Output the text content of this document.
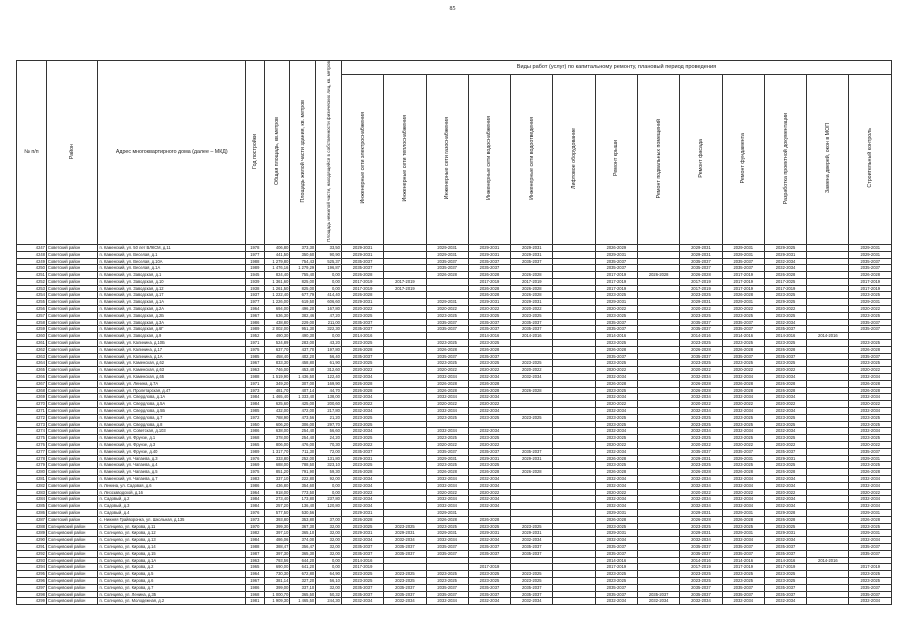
85
№ п/п	Район	Адрес многоквартирного дома (далее – МКД)	Год постройки	Общая площадь, кв.метров	Площадь жилой части здания, кв. метров	Площадь нежилой части, находящейся в собственности физических лиц, кв. метров	Виды работ (услуг) по капитальному ремонту, плановый период проведения												
							Инженерные сети электроснабжения	Инженерные сети теплоснабжения	Инженерные сети газоснабжения	Инженерные сети водоснабжения	Инженерные сети водоотведения	Лифтовое оборудование	Ремонт крыши	Ремонт подвальных помещений	Ремонт фасада	Ремонт фундамента	Разработка проектной документации	Замена дверей, окон в МОП	Строительный контроль
4247	Советский район	п. Каменский, ул. 50 лет ВЛКСМ, д.11	1978	406,80	373,30	33,50	2029-2031		2029-2031	2029-2031	2029-2031		2026-2029		2029-2031	2029-2031	2029-2025		2029-2031
4248	Советский район	п. Каменский, ул. Веселая, д.1	1977	441,50	350,60	90,90	2029-2031		2029-2031	2029-2031	2029-2031		2029-2031		2029-2031	2029-2031	2029-2031		2029-2031
4249	Советский район	п. Каменский, ул. Веселая, д.10А	1988	1 279,80	754,43	525,37	2035-2037		2035-2037	2035-2037	2035-2037		2035-2037		2035-2037	2035-2037	2032-2034		2035-2037
4250	Советский район	п. Каменский, ул. Веселая, д.1А	1989	1 476,16	1 279,29	196,87	2035-2037		2035-2037	2035-2037			2035-2037		2035-2037	2035-2037	2032-2034		2035-2037
4251	Советский район	п. Каменский, ул. Заводская, д.1	1945	824,40	755,40	0,00	2026-2028		2026-2028	2026-2028	2026-2028		2017-2019	2026-2028	2026-2028	2017-2019	2026-2028		2026-2028
4252	Советский район	п. Каменский, ул. Заводская, д.10	1939	1 361,60	825,00	0,00	2017-2019	2017-2019		2017-2019	2017-2019		2017-2019		2017-2019	2017-2019	2017-2025		2017-2019
4253	Советский район	п. Каменский, ул. Заводская, д.12	1938	1 261,50	825,00	0,00	2017-2019	2017-2019		2026-2028	2026-2028		2017-2019		2017-2019	2017-2019	2017-2019		2017-2019
4254	Советский район	п. Каменский, ул. Заводская, д.17	1937	1 222,40	677,79	414,40	2026-2028			2026-2028	2026-2028		2023-2025		2023-2025	2026-2028	2023-2025		2023-2025
4255	Советский район	п. Каменский, ул. Заводская, д.1А	1977	1 226,00	619,50	606,60	2029-2031		2029-2031	2029-2031	2029-2031		2029-2031		2029-2031	2029-2031	2029-2025		2029-2031
4256	Советский район	п. Каменский, ул. Заводская, д.2А	1964	694,00	496,20	167,80	2020-2022		2020-2022	2020-2022	2020-2022		2020-2022		2020-2022	2020-2022	2020-2022		2020-2022
4257	Советский район	п. Каменский, ул. Заводская, д.2Б	1967	636,30	382,46	47,20	2023-2025		2023-2025	2023-2025	2023-2025		2023-2025		2023-2025	2023-2025	2023-2025		2023-2025
4258	Советский район	п. Каменский, ул. Заводская, д.3А	1986	438,80	229,00	211,00	2035-2037		2035-2037	2035-2037	2035-2037		2035-2037		2035-2037	2035-2037	2032-2034		2035-2037
4259	Советский район	п. Каменский, ул. Заводская, д.6Г	1989	2 002,00	951,30	322,30	2035-2037		2035-2037	2035-2037	2035-2037		2035-2037		2035-2037	2035-2037	2035-2037		2035-2037
4260	Советский район	п. Каменский, ул. Заводская, д.9	1952	490,30	490,30	0,00	2014-2016			2014-2016	2014-2016		2014-2016		2014-2016	2014-2016	2014-2016	2014-2016	
4261	Советский район	п. Каменский, ул. Калинина, д.10Б	1971	524,89	283,00	43,20	2023-2025		2023-2025	2023-2025			2023-2025		2023-2025	2023-2025	2023-2025		2023-2025
4262	Советский район	п. Каменский, ул. Калинина, д.17	1975	637,70	437,70	197,80	2026-2028		2026-2028	2026-2028			2026-2028		2026-2028	2026-2028	2026-2028		2026-2028
4263	Советский район	п. Каменский, ул. Калинина, д.1А	1985	458,40	402,20	56,40	2035-2037		2035-2037	2035-2037			2035-2037		2035-2037	2035-2037	2035-2037		2035-2037
4264	Советский район	п. Каменский, ул. Каменская, д.62	1967	833,30	458,80	61,90	2023-2025		2023-2025	2023-2025	2023-2025		2023-2025		2023-2025	2023-2025	2023-2025		2023-2025
4265	Советский район	п. Каменский, ул. Каменская, д.63	1963	746,00	453,40	312,60	2020-2022		2020-2022	2020-2022	2020-2022		2020-2022		2020-2022	2020-2022	2020-2022		2020-2022
4266	Советский район	п. Каменский, ул. Каменская, д.65	1988	1 519,90	1 436,50	122,40	2032-2034		2032-2034	2032-2034	2032-2034		2032-2034		2032-2034	2032-2034	2032-2034		2032-2034
4267	Советский район	п. Каменский, ул. Ленина, д.7А	1971	349,20	307,00	169,90	2026-2028		2026-2028	2026-2028			2026-2028		2026-2028	2026-2028	2026-2028		2026-2028
4268	Советский район	п. Каменский, ул. Пролетарская, д.47	1973	481,70	407,14	44,70	2026-2028		2026-2028	2026-2028	2026-2028		2023-2025		2026-2028	2026-2028	2026-2028		2026-2028
4269	Советский район	п. Каменский, ул. Свердлова, д.1А	1984	1 465,40	1 333,40	138,00	2032-2034		2032-2034	2032-2034			2032-2034		2032-2034	2032-2034	2032-2034		2032-2034
4270	Советский район	п. Каменский, ул. Свердлова, д.5А	1984	625,60	425,00	200,60	2020-2022		2020-2022	2020-2022			2020-2022		2020-2022	2020-2022	2020-2022		2020-2022
4271	Советский район	п. Каменский, ул. Свердлова, д.5Б	1985	432,00	472,00	217,80	2032-2034		2032-2034	2032-2034			2032-2034		2032-2034	2032-2034	2032-2034		2032-2034
4272	Советский район	п. Каменский, ул. Свердлова, д.7	1972	788,90	473,56	21,20	2023-2025		2023-2025	2023-2025	2023-2025		2023-2025		2023-2025	2023-2025	2023-2025		2023-2025
4273	Советский район	п. Каменский, ул. Свердлова, д.8	1950	606,20	306,00	297,70	2023-2025						2023-2025		2023-2025	2023-2025	2023-2025		2023-2025
4274	Советский район	п. Каменский, ул. Советская, д.103	1986	638,00	254,40	56,60	2032-2034		2032-2034	2032-2034			2032-2034		2032-2034	2032-2034	2032-2034		2032-2034
4275	Советский район	п. Каменский, ул. Фрунзе, д.1	1968	378,00	254,40	24,20	2023-2025		2023-2025	2023-2025			2023-2025		2023-2025	2023-2025	2023-2025		2023-2025
4276	Советский район	п. Каменский, ул. Фрунзе, д.3	1965	806,00	476,00	70,30	2020-2022		2020-2022	2020-2022			2020-2022		2020-2022	2020-2022	2020-2022		2020-2022
4277	Советский район	п. Каменский, ул. Фрунзе, д.40	1989	1 317,70	711,30	72,00	2035-2037		2035-2037	2035-2037	2035-2037		2032-2034		2035-2037	2035-2037	2035-2037		2035-2037
4278	Советский район	п. Каменский, ул. Чапаева, д.3	1976	333,80	252,00	131,80	2029-2031		2029-2031	2029-2031	2029-2031		2026-2028		2029-2031	2029-2031	2029-2031		2029-2031
4279	Советский район	п. Каменский, ул. Чапаева, д.4	1969	688,00	788,50	323,10	2023-2025		2023-2025	2023-2025			2023-2025		2023-2025	2023-2025	2023-2025		2023-2025
4280	Советский район	п. Каменский, ул. Чапаева, д.5	1975	851,20	791,90	59,30	2026-2028		2026-2028	2026-2028	2026-2028		2026-2028		2026-2028	2026-2028	2026-2028		2026-2028
4281	Советский район	п. Каменский, ул. Чапаева, д.7	1983	337,10	222,80	92,00	2032-2034		2032-2034	2032-2034			2032-2034		2032-2034	2032-2034	2032-2034		2032-2034
4282	Советский район	п. Ленина, ул. Садовая, д.6	1986	436,80	354,60	0,00	2032-2034		2032-2034	2032-2034			2032-2034		2032-2034	2032-2034	2032-2034		2032-2034
4283	Советский район	п. Лесозаводской, д.16	1964	918,00	773,50	0,00	2020-2022		2020-2022	2020-2022			2020-2022		2020-2022	2020-2022	2020-2022		2020-2022
4284	Советский район	п. Садовый, д.2	1984	273,40	173,80	237,80	2032-2034		2032-2034	2032-2034			2032-2034		2032-2034	2032-2034	2032-2034		2032-2034
4285	Советский район	п. Садовый, д.3	1984	257,20	136,40	120,80	2032-2034		2032-2034	2032-2034			2032-2034		2032-2034	2032-2034	2032-2034		2032-2034
4286	Советский район	п. Садовый, д.4	1976	577,50	530,56		2029-2031		2029-2031				2029-2031		2029-2031	2029-2031	2029-2028		2029-2031
4287	Советский район	с. Нижняя Грайворонка, ул. Школьная, д.135	1973	393,80	353,80	37,00	2026-2028		2026-2028	2026-2028			2026-2028		2026-2028	2026-2028	2026-2028		2026-2028
4288	Солнцевский район	п. Солнцево, ул. Кирова, д.11	1970	399,30	367,30	32,00	2023-2025	2023-2025	2023-2025	2023-2025	2023-2025		2023-2025		2023-2025	2023-2025	2023-2025		2023-2025
4289	Солнцевский район	п. Солнцево, ул. Кирова, д.12	1982	397,10	365,10	32,00	2029-2031	2029-2031	2029-2031	2029-2031	2029-2031		2029-2031		2029-2031	2029-2031	2029-2031		2029-2031
4290	Солнцевский район	п. Солнцево, ул. Кирова, д.13	1984	486,06	374,00	32,00	2032-2034	2032-2034	2032-2034	2032-2034	2032-2034		2032-2034		2032-2034	2032-2034	2032-2034		2032-2034
4291	Солнцевский район	п. Солнцево, ул. Кирова, д.14	1988	388,47	356,47	32,00	2035-2037	2035-2037	2035-2037	2035-2037	2035-2037		2035-2037		2035-2037	2035-2037	2035-2037		2035-2037
4292	Солнцевский район	п. Солнцево, ул. Кирова, д.15	1987	397,30	365,30	32,00	2035-2037	2035-2037	2035-2037	2035-2037	2035-2037		2035-2037		2035-2037	2035-2037	2035-2037		2035-2037
4293	Солнцевский район	п. Солнцево, ул. Кирова, д.1А	1963	793,56	644,20	0,00	2014-2016						2014-2016		2014-2016	2014-2016	2014-2016	2014-2016	
4294	Солнцевский район	п. Солнцево, ул. Кирова, д.2	1965	690,00	641,20	0,00	2017-2019			2017-2019			2017-2019		2017-2019	2017-2019	2017-2019		2017-2019
4295	Солнцевский район	п. Солнцево, ул. Кирова, д.5	1964	730,30	672,80	64,90	2023-2025	2023-2025	2023-2025	2023-2025	2023-2025		2023-2025		2023-2025	2023-2025	2023-2025		2023-2025
4296	Солнцевский район	п. Солнцево, ул. Кирова, д.6	1967	381,14	327,20	56,10	2023-2025	2023-2025	2023-2025	2023-2025	2023-2025		2023-2025		2023-2025	2023-2025	2023-2025		2023-2025
4297	Солнцевский район	п. Солнцево, ул. Кирова, д.7	1986	399,00	337,10	32,00	2035-2037	2035-2037	2035-2037	2035-2037	2035-2037		2035-2037		2035-2037	2035-2037	2035-2037		2035-2037
4298	Солнцевский район	п. Солнцево, ул. Ленина, д.35	1968	1 000,70	365,50	50,32	2035-2037	2035-2037	2035-2037	2035-2037	2035-2037		2035-2037	2035-2037	2035-2037	2035-2037	2035-2037		2035-2037
4299	Солнцевский район	п. Солнцево, ул. Молодежная, д.2	1981	1 909,30	1 465,50	244,30	2032-2034	2032-2034	2032-2034	2032-2034	2032-2034		2032-2034	2032-2034	2032-2034	2032-2034	2032-2034		2032-2034
